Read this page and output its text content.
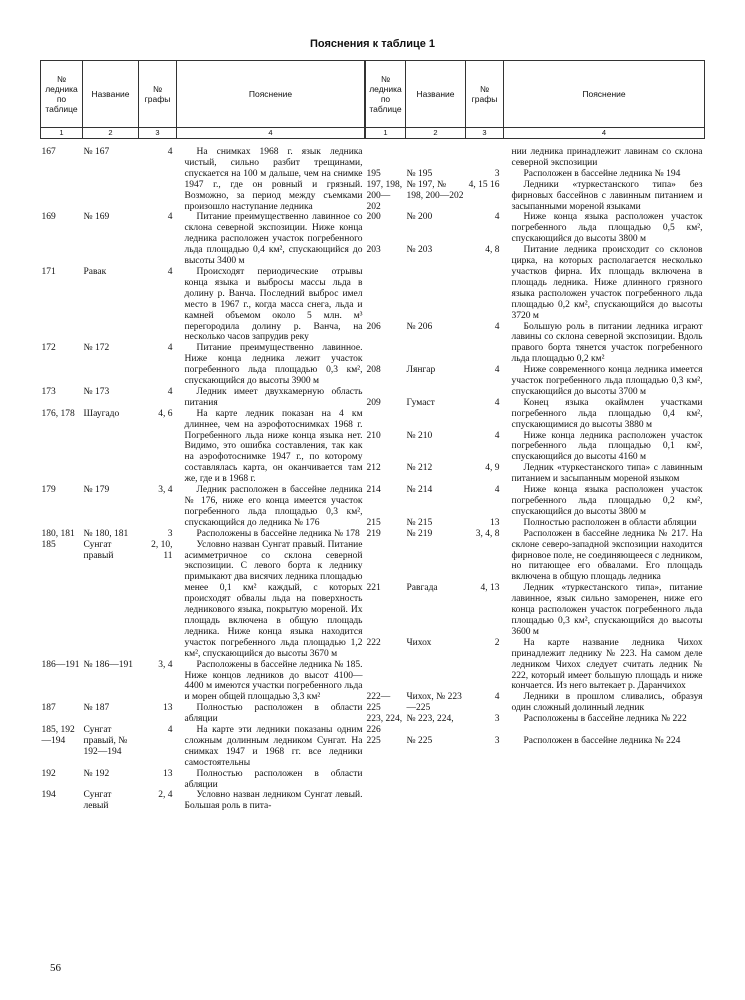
Пояснения к таблице 1
№ ледника по таблице	Название	№ графы	Пояснение
1	2	3	4
167	№ 167	4	На снимках 1968 г. язык ледника чистый, сильно разбит трещинами, спускается на 100 м дальше, чем на снимке 1947 г., где он ровный и грязный. Возможно, за период между съемками произошло наступание ледника

169	№ 169	4	Питание преимущественно лавинное со склона северной экспозиции. Ниже конца ледника расположен участок погребенного льда площадью 0,4 км², спускающийся до высоты 3400 м

171	Равак	4	Происходят периодические отрывы конца языка и выбросы массы льда в долину р. Ванча. Последний выброс имел место в 1967 г., когда масса снега, льда и камней объемом около 5 млн. м³ перегородила долину р. Ванча, на несколько часов запрудив реку

172	№ 172	4	Питание преимущественно лавинное. Ниже конца ледника лежит участок погребенного льда площадью 0,3 км², спускающийся до высоты 3900 м

173	№ 173	4	Ледник имеет двухкамерную область питания

176, 178	Шаугадо	4, 6	На карте ледник показан на 4 км длиннее, чем на аэрофотоснимках 1968 г. Погребенного льда ниже конца языка нет. Видимо, это ошибка составления, так как на аэрофотоснимке 1947 г., по которому составлялась карта, он оканчивается там же, где и в 1968 г.

179	№ 179	3, 4	Ледник расположен в бассейне ледника № 176, ниже его конца имеется участок погребенного льда площадью 0,3 км², спускающийся до ледника № 176

180, 181	№ 180, 181	3	Расположены в бассейне ледника № 178

185	Сунгат правый	2, 10, 11	Условно назван Сунгат правый. Питание асимметричное со склона северной экспозиции. С левого борта к леднику примыкают два висячих ледника площадью менее 0,1 км² каждый, с которых происходят обвалы льда на поверхность ледникового языка, покрытую мореной. Их площадь включена в общую площадь ледника. Ниже конца языка находится участок погребенного льда площадью 1,2 км², спускающийся до высоты 3670 м

186—191	№ 186—191	3, 4	Расположены в бассейне ледника № 185. Ниже концов ледников до высот 4100—4400 м имеются участки погребенного льда и морен общей площадью 3,3 км²

187	№ 187	13	Полностью расположен в области абляции

185, 192—194	Сунгат правый, № 192—194	4	На карте эти ледники показаны одним сложным долинным ледником Сунгат. На снимках 1947 и 1968 гг. все ледники самостоятельны

192	№ 192	13	Полностью расположен в области абляции

194	Сунгат левый	2, 4	Условно назван ледником Сунгат левый. Большая роль в пита-
№ ледника по таблице	Название	№ графы	Пояснение
1	2	3	4
			нии ледника принадлежит лавинам со склона северной экспозиции
195	№ 195	3	Расположен в бассейне ледника № 194

197, 198, 200—202	№ 197, № 198, 200—202	4, 15 16	Ледники «туркестанского типа» без фирновых бассейнов с лавинным питанием и засыпанными мореной языками

200	№ 200	4	Ниже конца языка расположен участок погребенного льда площадью 0,5 км², спускающийся до высоты 3800 м

203	№ 203	4, 8	Питание ледника происходит со склонов цирка, на которых располагается несколько участков фирна. Их площадь включена в площадь ледника. Ниже длинного грязного языка расположен участок погребенного льда площадью 0,2 км², спускающийся до высоты 3720 м

206	№ 206	4	Большую роль в питании ледника играют лавины со склона северной экспозиции. Вдоль правого борта тянется участок погребенного льда площадью 0,2 км²

208	Лянгар	4	Ниже современного конца ледника имеется участок погребенного льда площадью 0,3 км², спускающийся до высоты 3700 м

209	Гумаст	4	Конец языка окаймлен участками погребенного льда площадью 0,4 км², спускающимися до высоты 3880 м

210	№ 210	4	Ниже конца ледника расположен участок погребенного льда площадью 0,1 км², спускающийся до высоты 4160 м

212	№ 212	4, 9	Ледник «туркестанского типа» с лавинным питанием и засыпанным мореной языком

214	№ 214	4	Ниже конца языка расположен участок погребенного льда площадью 0,2 км², спускающийся до высоты 3800 м

215	№ 215	13	Полностью расположен в области абляции

219	№ 219	3, 4, 8	Расположен в бассейне ледника № 217. На склоне северо-западной экспозиции находится фирновое поле, не соединяющееся с ледником, но питающее его обвалами. Его площадь включена в общую площадь ледника

221	Равгада	4, 13	Ледник «туркестанского типа», питание лавинное, язык сильно заморенен, ниже его конца расположен участок погребенного льда площадью 0,3 км², спускающийся до высоты 3600 м

222	Чихох	2	На карте название ледника Чихох принадлежит леднику № 223. На самом деле ледником Чихох следует считать ледник № 222, который имеет большую площадь и ниже кончается. Из него вытекает р. Даранчихох

222— 225	Чихох, № 223—225	4	Ледники в прошлом сливались, образуя один сложный долинный ледник

223, 224, 226	№ 223, 224,	3	Расположены в бассейне ледника № 222

225	№ 225	3	Расположен в бассейне ледника № 224
56
